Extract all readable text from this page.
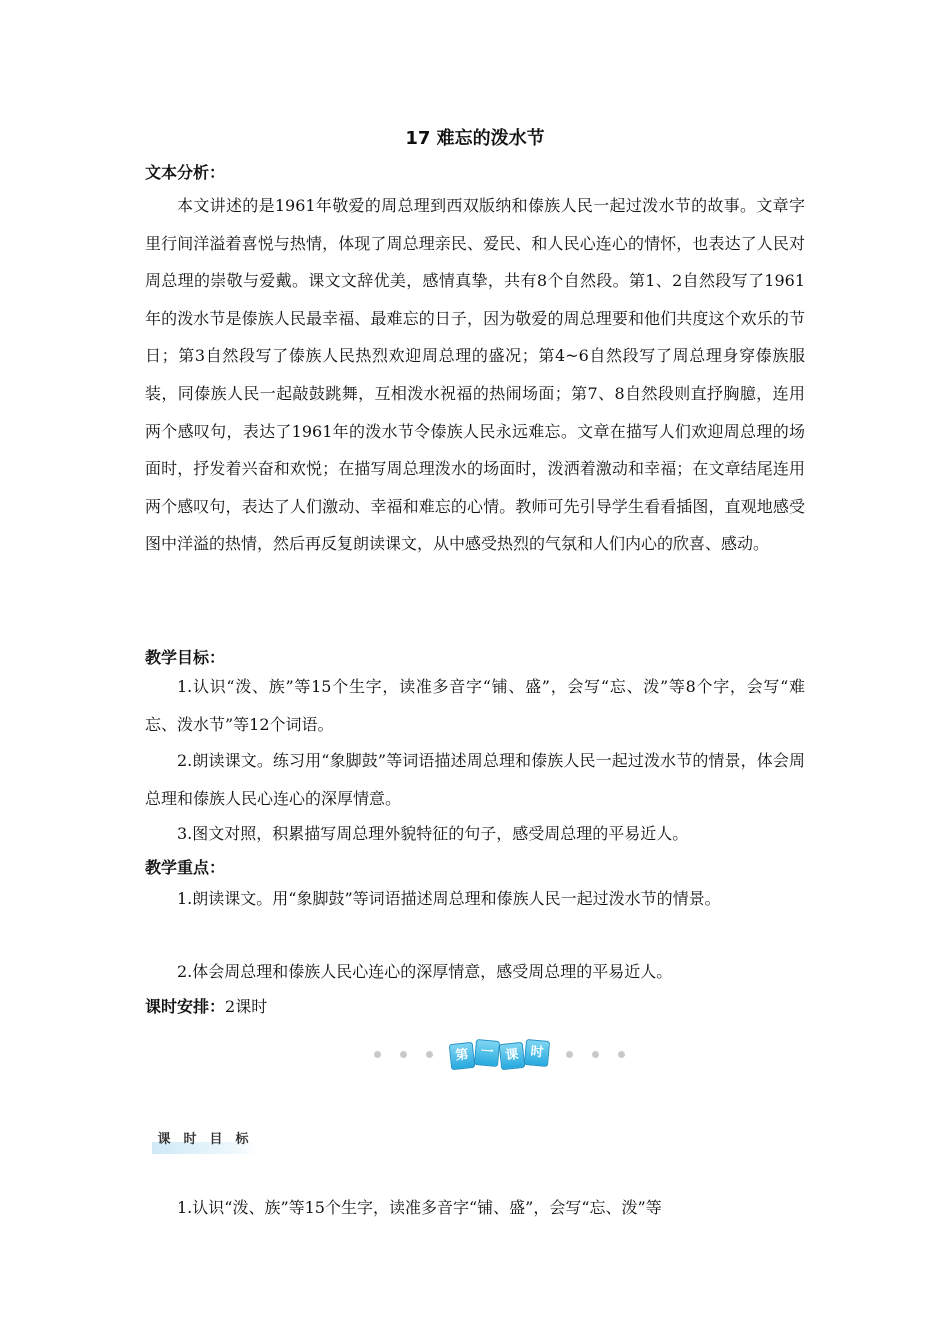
17 难忘的泼水节
文本分析：

本文讲述的是1961年敬爱的周总理到西双版纳和傣族人民一起过泼水节的故事。文章字里行间洋溢着喜悦与热情，体现了周总理亲民、爱民、和人民心连心的情怀，也表达了人民对周总理的崇敬与爱戴。课文文辞优美，感情真挚，共有8个自然段。第1、2自然段写了1961年的泼水节是傣族人民最幸福、最难忘的日子，因为敬爱的周总理要和他们共度这个欢乐的节日；第3自然段写了傣族人民热烈欢迎周总理的盛况；第4~6自然段写了周总理身穿傣族服装，同傣族人民一起敲鼓跳舞，互相泼水祝福的热闹场面；第7、8自然段则直抒胸臆，连用两个感叹句，表达了1961年的泼水节令傣族人民永远难忘。文章在描写人们欢迎周总理的场面时，抒发着兴奋和欢悦；在描写周总理泼水的场面时，泼洒着激动和幸福；在文章结尾连用两个感叹句，表达了人们激动、幸福和难忘的心情。教师可先引导学生看看插图，直观地感受图中洋溢的热情，然后再反复朗读课文，从中感受热烈的气氛和人们内心的欣喜、感动。

教学目标：

1.认识“泼、族”等15个生字，读准多音字“铺、盛”，会写“忘、泼”等8个字，会写“难忘、泼水节”等12个词语。

2.朗读课文。练习用“象脚鼓”等词语描述周总理和傣族人民一起过泼水节的情景，体会周总理和傣族人民心连心的深厚情意。

3.图文对照，积累描写周总理外貌特征的句子，感受周总理的平易近人。

教学重点：

1.朗读课文。用“象脚鼓”等词语描述周总理和傣族人民一起过泼水节的情景。

2.体会周总理和傣族人民心连心的深厚情意，感受周总理的平易近人。

课时安排：2课时
第 一 课 时
课 时 目 标

1.认识“泼、族”等15个生字，读准多音字“铺、盛”，会写“忘、泼”等
